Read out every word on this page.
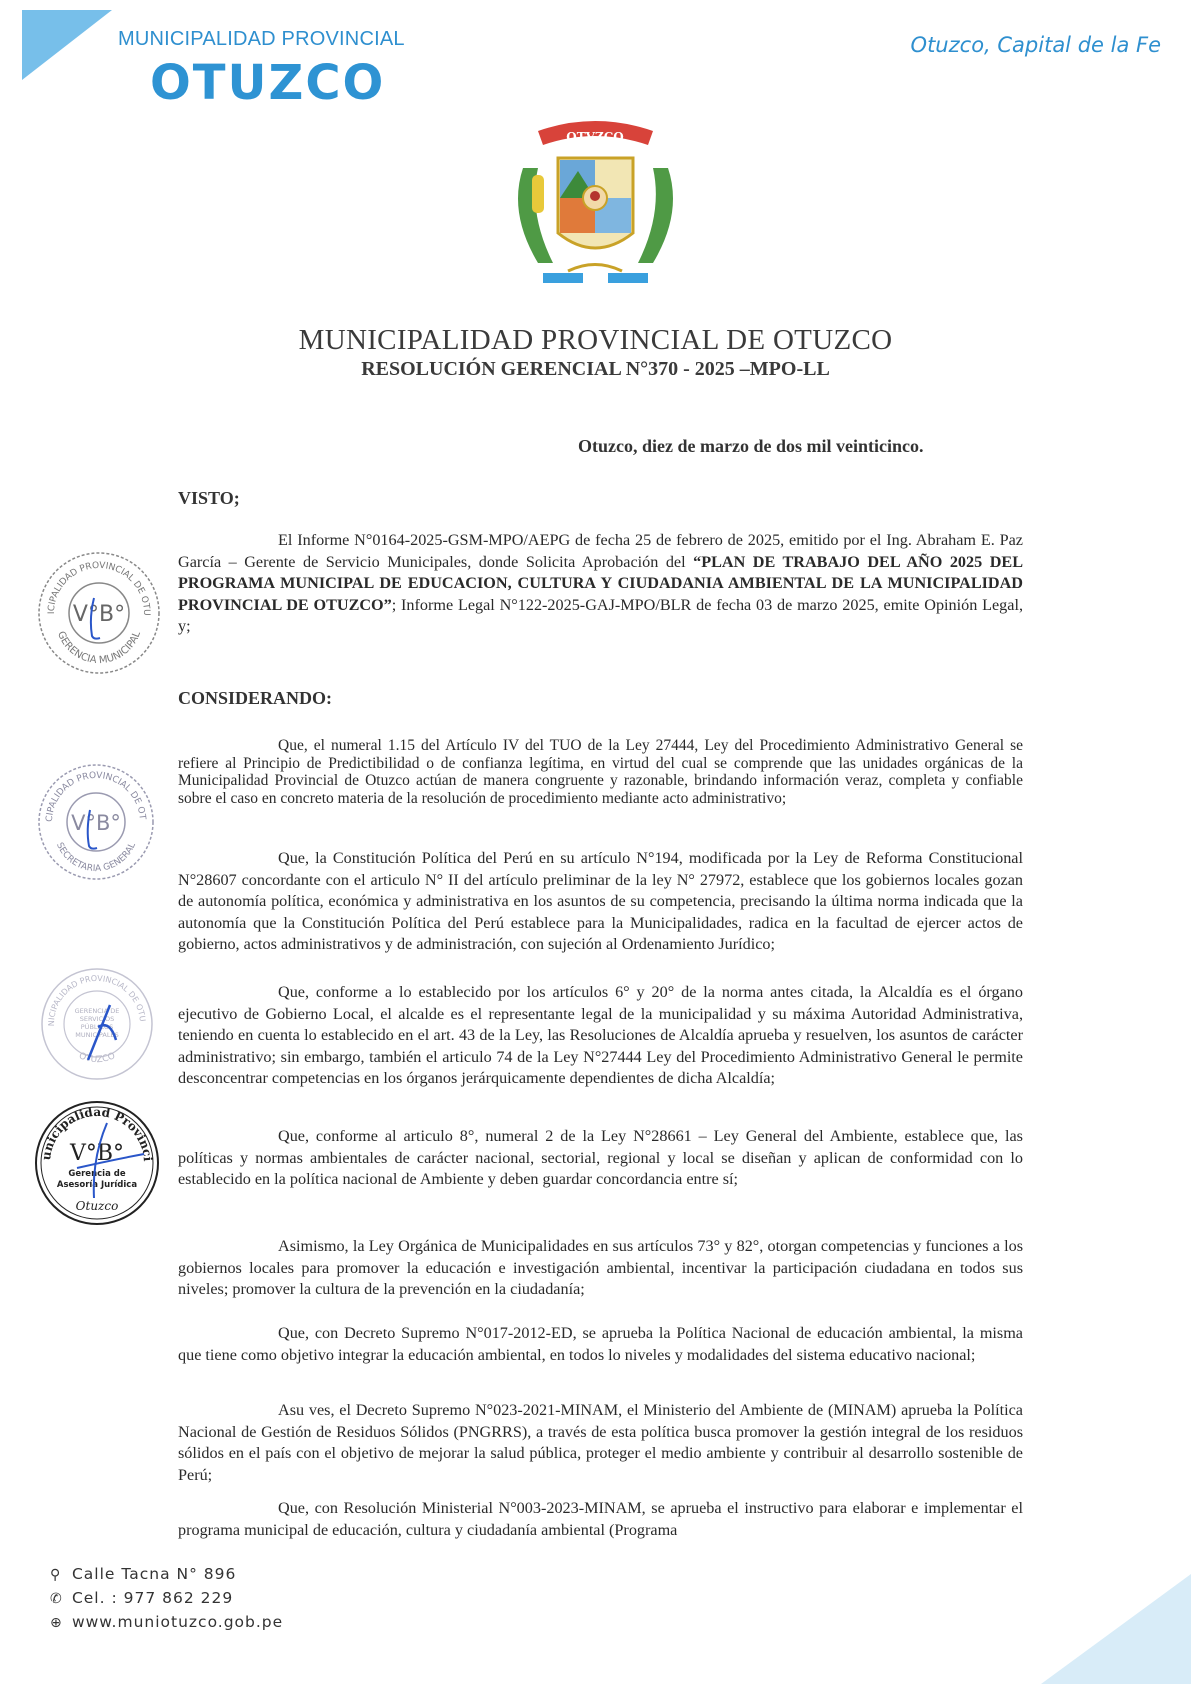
MUNICIPALIDAD PROVINCIAL
OTUZCO
Otuzco, Capital de la Fe
OTVZCO
MUNICIPALIDAD PROVINCIAL DE OTUZCO
RESOLUCIÓN GERENCIAL N°370 - 2025 –MPO-LL
Otuzco, diez de marzo de dos mil veinticinco.
VISTO;
El Informe N°0164-2025-GSM-MPO/AEPG de fecha 25 de febrero de 2025, emitido por el Ing. Abraham E. Paz García – Gerente de Servicio Municipales, donde Solicita Aprobación del “PLAN DE TRABAJO DEL AÑO 2025 DEL PROGRAMA MUNICIPAL DE EDUCACION, CULTURA Y CIUDADANIA AMBIENTAL DE LA MUNICIPALIDAD PROVINCIAL DE OTUZCO”; Informe Legal N°122-2025-GAJ-MPO/BLR de fecha 03 de marzo 2025, emite Opinión Legal, y;
CONSIDERANDO:
Que, el numeral 1.15 del Artículo IV del TUO de la Ley 27444, Ley del Procedimiento Administrativo General se refiere al Principio de Predictibilidad o de confianza legítima, en virtud del cual se comprende que las unidades orgánicas de la Municipalidad Provincial de Otuzco actúan de manera congruente y razonable, brindando información veraz, completa y confiable sobre el caso en concreto materia de la resolución de procedimiento mediante acto administrativo;
Que, la Constitución Política del Perú en su artículo N°194, modificada por la Ley de Reforma Constitucional N°28607 concordante con el articulo N° II del artículo preliminar de la ley N° 27972, establece que los gobiernos locales gozan de autonomía política, económica y administrativa en los asuntos de su competencia, precisando la última norma indicada que la autonomía que la Constitución Política del Perú establece para la Municipalidades, radica en la facultad de ejercer actos de gobierno, actos administrativos y de administración, con sujeción al Ordenamiento Jurídico;
Que, conforme a lo establecido por los artículos 6° y 20° de la norma antes citada, la Alcaldía es el órgano ejecutivo de Gobierno Local, el alcalde es el representante legal de la municipalidad y su máxima Autoridad Administrativa, teniendo en cuenta lo establecido en el art. 43 de la Ley, las Resoluciones de Alcaldía aprueba y resuelven, los asuntos de carácter administrativo; sin embargo, también el articulo 74 de la Ley N°27444 Ley del Procedimiento Administrativo General le permite desconcentrar competencias en los órganos jerárquicamente dependientes de dicha Alcaldía;
Que, conforme al articulo 8°, numeral 2 de la Ley N°28661 – Ley General del Ambiente, establece que, las políticas y normas ambientales de carácter nacional, sectorial, regional y local se diseñan y aplican de conformidad con lo establecido en la política nacional de Ambiente y deben guardar concordancia entre sí;
Asimismo, la Ley Orgánica de Municipalidades en sus artículos 73° y 82°, otorgan competencias y funciones a los gobiernos locales para promover la educación e investigación ambiental, incentivar la participación ciudadana en todos sus niveles; promover la cultura de la prevención en la ciudadanía;
Que, con Decreto Supremo N°017-2012-ED, se aprueba la Política Nacional de educación ambiental, la misma que tiene como objetivo integrar la educación ambiental, en todos lo niveles y modalidades del sistema educativo nacional;
Asu ves, el Decreto Supremo N°023-2021-MINAM, el Ministerio del Ambiente de (MINAM) aprueba la Política Nacional de Gestión de Residuos Sólidos (PNGRRS), a través de esta política busca promover la gestión integral de los residuos sólidos en el país con el objetivo de mejorar la salud pública, proteger el medio ambiente y contribuir al desarrollo sostenible de Perú;
Que, con Resolución Ministerial N°003-2023-MINAM, se aprueba el instructivo para elaborar e implementar el programa municipal de educación, cultura y ciudadanía ambiental (Programa
ICIPALIDAD PROVINCIAL DE OTU
GERENCIA MUNICIPAL
V°B°
CIPALIDAD PROVINCIAL DE OT
SECRETARIA GENERAL
V°B°
NICIPALIDAD PROVINCIAL DE OTU
OTUZCO
GERENCIA DE SERVICIOS PÚBLICOS MUNICIPALES
unicipalidad Provinci
V°B°
Gerencia de
Asesoría Jurídica
Otuzco
⚲ Calle Tacna N° 896
✆ Cel. : 977 862 229
⊕ www.muniotuzco.gob.pe
